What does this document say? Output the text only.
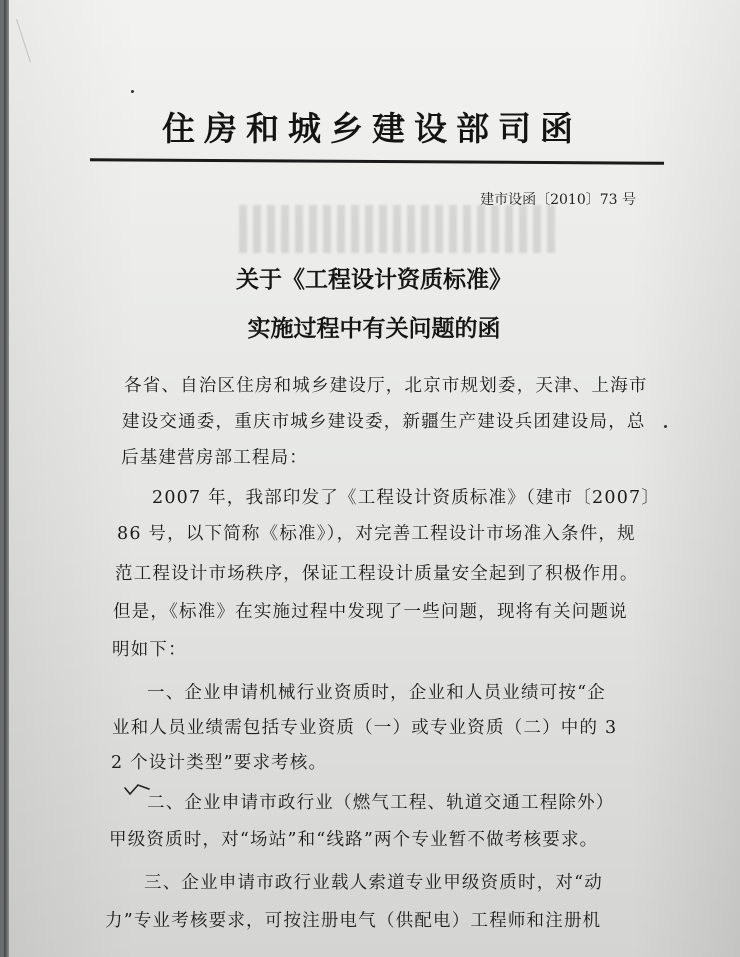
住房和城乡建设部司函
建市设函〔2010〕73 号
关于《工程设计资质标准》
实施过程中有关问题的函
各省、自治区住房和城乡建设厅，北京市规划委，天津、上海市
建设交通委，重庆市城乡建设委，新疆生产建设兵团建设局，总
后基建营房部工程局：
2007 年，我部印发了《工程设计资质标准》（建市〔2007〕
86 号，以下简称《标准》），对完善工程设计市场准入条件，规
范工程设计市场秩序，保证工程设计质量安全起到了积极作用。
但是，《标准》在实施过程中发现了一些问题，现将有关问题说
明如下：
一、企业申请机械行业资质时，企业和人员业绩可按“企
业和人员业绩需包括专业资质（一）或专业资质（二）中的 3
2 个设计类型”要求考核。
二、企业申请市政行业（燃气工程、轨道交通工程除外）
甲级资质时，对“场站”和“线路”两个专业暂不做考核要求。
三、企业申请市政行业载人索道专业甲级资质时，对“动
力”专业考核要求，可按注册电气（供配电）工程师和注册机
